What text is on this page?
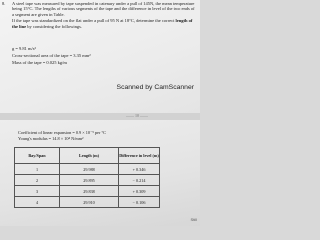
8. A steel tape was measured by tape suspended in catenary under a pull of 145N, the mean temperature being 15°C. The lengths of various segments of the tape and the difference in level of the two ends of a segment are given in Table.

If the tape was standardized on the flat under a pull of 95 N at 18°C, determine the correct length of the line by considering the followings.

g = 9.81 m/s²
Cross-sectional area of the tape = 3.35 mm²
Mass of the tape = 0.025 kg/m
Scanned by CamScanner
—— 10 ——
Coefficient of linear expansion = 0.9 × 10⁻⁵ per °C
Young's modulus = 14.8 × 10⁴ N/mm²
Bay/Span	Length (m)	Difference in level (m)
1	29.988	+ 0.346
2	29.895	− 0.214
3	29.838	+ 0.309
4	29.910	− 0.106
Still
